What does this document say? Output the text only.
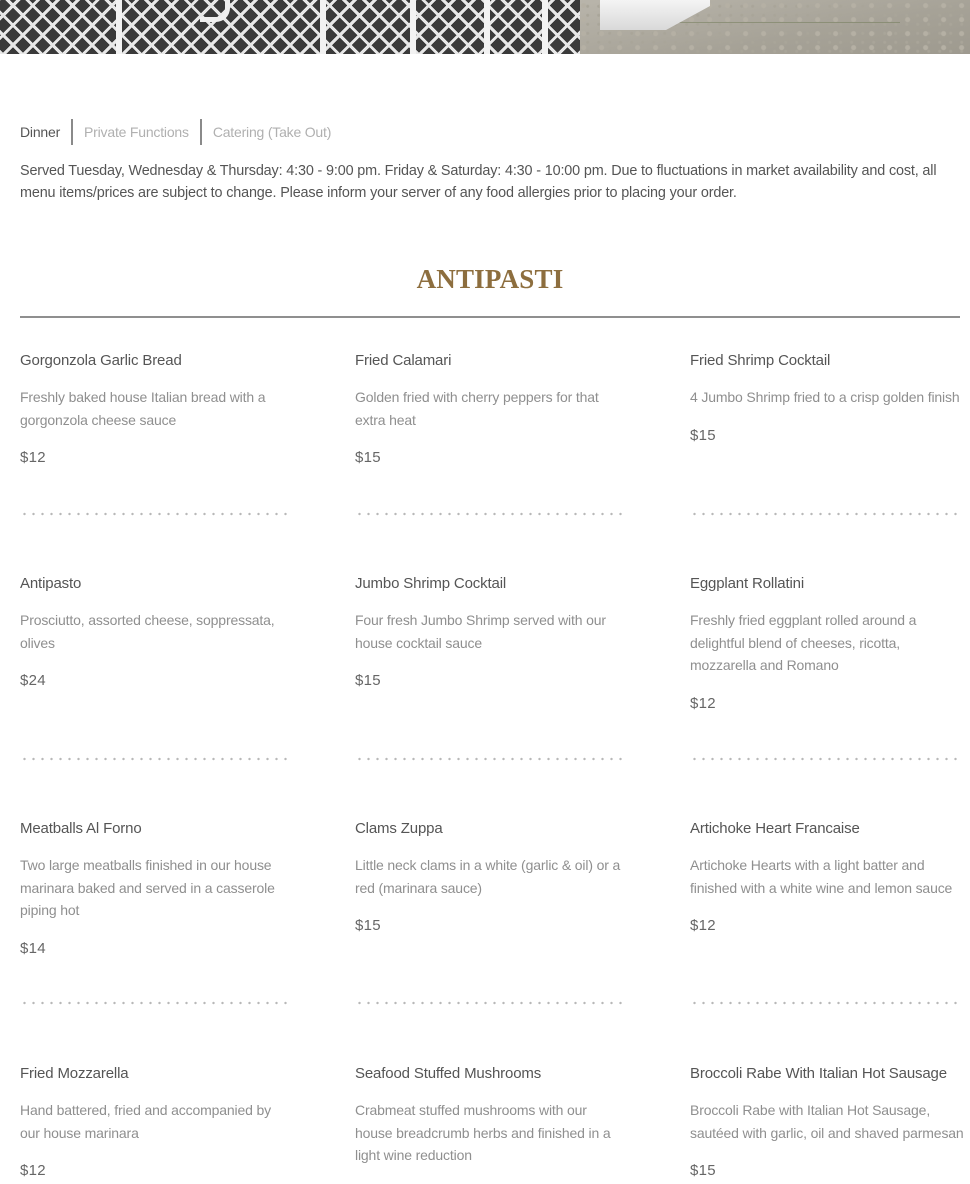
Dinner Private Functions Catering (Take Out)

Served Tuesday, Wednesday & Thursday: 4:30 - 9:00 pm. Friday & Saturday: 4:30 - 10:00 pm. Due to fluctuations in market availability and cost, all menu items/prices are subject to change. Please inform your server of any food allergies prior to placing your order.

ANTIPASTI
Gorgonzola Garlic Bread
Freshly baked house Italian bread with a gorgonzola cheese sauce
$12
Fried Calamari
Golden fried with cherry peppers for that extra heat
$15
Fried Shrimp Cocktail
4 Jumbo Shrimp fried to a crisp golden finish
$15
Antipasto
Prosciutto, assorted cheese, soppressata, olives
$24
Jumbo Shrimp Cocktail
Four fresh Jumbo Shrimp served with our house cocktail sauce
$15
Eggplant Rollatini
Freshly fried eggplant rolled around a delightful blend of cheeses, ricotta, mozzarella and Romano
$12
Meatballs Al Forno
Two large meatballs finished in our house marinara baked and served in a casserole piping hot
$14
Clams Zuppa
Little neck clams in a white (garlic & oil) or a red (marinara sauce)
$15
Artichoke Heart Francaise
Artichoke Hearts with a light batter and finished with a white wine and lemon sauce
$12
Fried Mozzarella
Hand battered, fried and accompanied by our house marinara
$12
Seafood Stuffed Mushrooms
Crabmeat stuffed mushrooms with our house breadcrumb herbs and finished in a light wine reduction
Broccoli Rabe With Italian Hot Sausage
Broccoli Rabe with Italian Hot Sausage, sautéed with garlic, oil and shaved parmesan
$15
